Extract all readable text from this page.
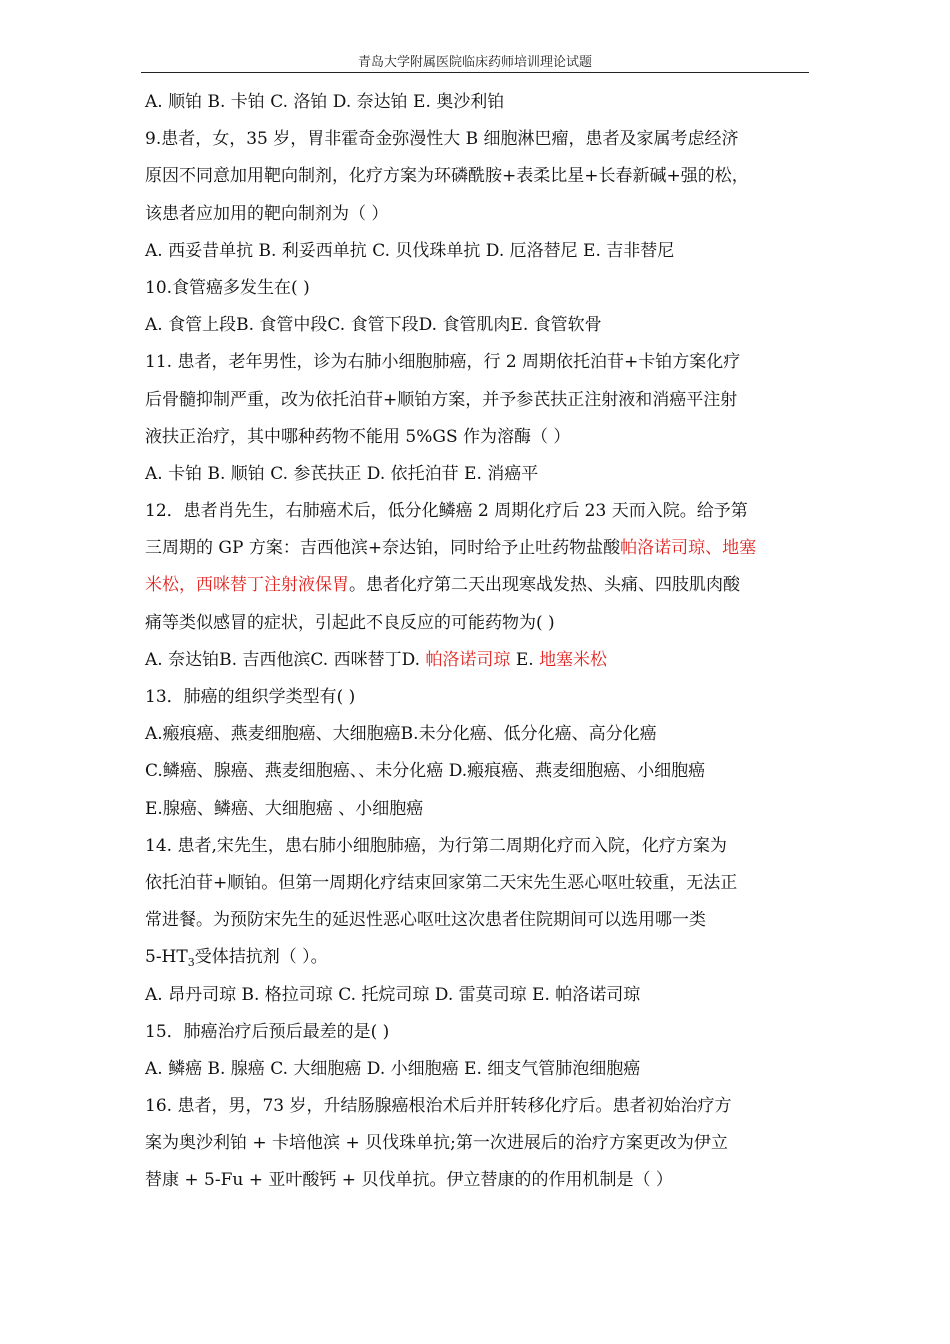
青岛大学附属医院临床药师培训理论试题
A. 顺铂 B. 卡铂 C. 洛铂 D. 奈达铂 E. 奥沙利铂
9.患者，女，35 岁，胃非霍奇金弥漫性大 B 细胞淋巴瘤，患者及家属考虑经济
原因不同意加用靶向制剂，化疗方案为环磷酰胺+表柔比星+长春新碱+强的松，
该患者应加用的靶向制剂为（ ）
A. 西妥昔单抗 B. 利妥西单抗 C. 贝伐珠单抗 D. 厄洛替尼 E. 吉非替尼
10.食管癌多发生在( )
A. 食管上段B. 食管中段C. 食管下段D. 食管肌肉E. 食管软骨
11. 患者，老年男性，诊为右肺小细胞肺癌，行 2 周期依托泊苷+卡铂方案化疗
后骨髓抑制严重，改为依托泊苷+顺铂方案，并予参芪扶正注射液和消癌平注射
液扶正治疗，其中哪种药物不能用 5%GS 作为溶酶（ ）
A. 卡铂 B. 顺铂 C. 参芪扶正 D. 依托泊苷 E. 消癌平
12．患者肖先生，右肺癌术后，低分化鳞癌 2 周期化疗后 23 天而入院。给予第
三周期的 GP 方案：吉西他滨+奈达铂，同时给予止吐药物盐酸帕洛诺司琼、地塞
米松，西咪替丁注射液保胃。患者化疗第二天出现寒战发热、头痛、四肢肌肉酸
痛等类似感冒的症状，引起此不良反应的可能药物为( )
A. 奈达铂B. 吉西他滨C. 西咪替丁D. 帕洛诺司琼 E. 地塞米松
13．肺癌的组织学类型有( )
A.瘢痕癌、燕麦细胞癌、大细胞癌B.未分化癌、低分化癌、高分化癌
C.鳞癌、腺癌、燕麦细胞癌、、未分化癌 D.瘢痕癌、燕麦细胞癌、小细胞癌
E.腺癌、鳞癌、大细胞癌 、小细胞癌
14. 患者,宋先生，患右肺小细胞肺癌，为行第二周期化疗而入院，化疗方案为
依托泊苷+顺铂。但第一周期化疗结束回家第二天宋先生恶心呕吐较重，无法正
常进餐。为预防宋先生的延迟性恶心呕吐这次患者住院期间可以选用哪一类
$5-HT_3$受体拮抗剂（ ）。
A. 昂丹司琼 B. 格拉司琼 C. 托烷司琼 D. 雷莫司琼 E. 帕洛诺司琼
15．肺癌治疗后预后最差的是( )
A. 鳞癌 B. 腺癌 C. 大细胞癌 D. 小细胞癌 E. 细支气管肺泡细胞癌
16. 患者，男，73 岁，升结肠腺癌根治术后并肝转移化疗后。患者初始治疗方
案为奥沙利铂 + 卡培他滨 + 贝伐珠单抗;第一次进展后的治疗方案更改为伊立
替康 + 5-Fu + 亚叶酸钙 + 贝伐单抗。伊立替康的的作用机制是（ ）
